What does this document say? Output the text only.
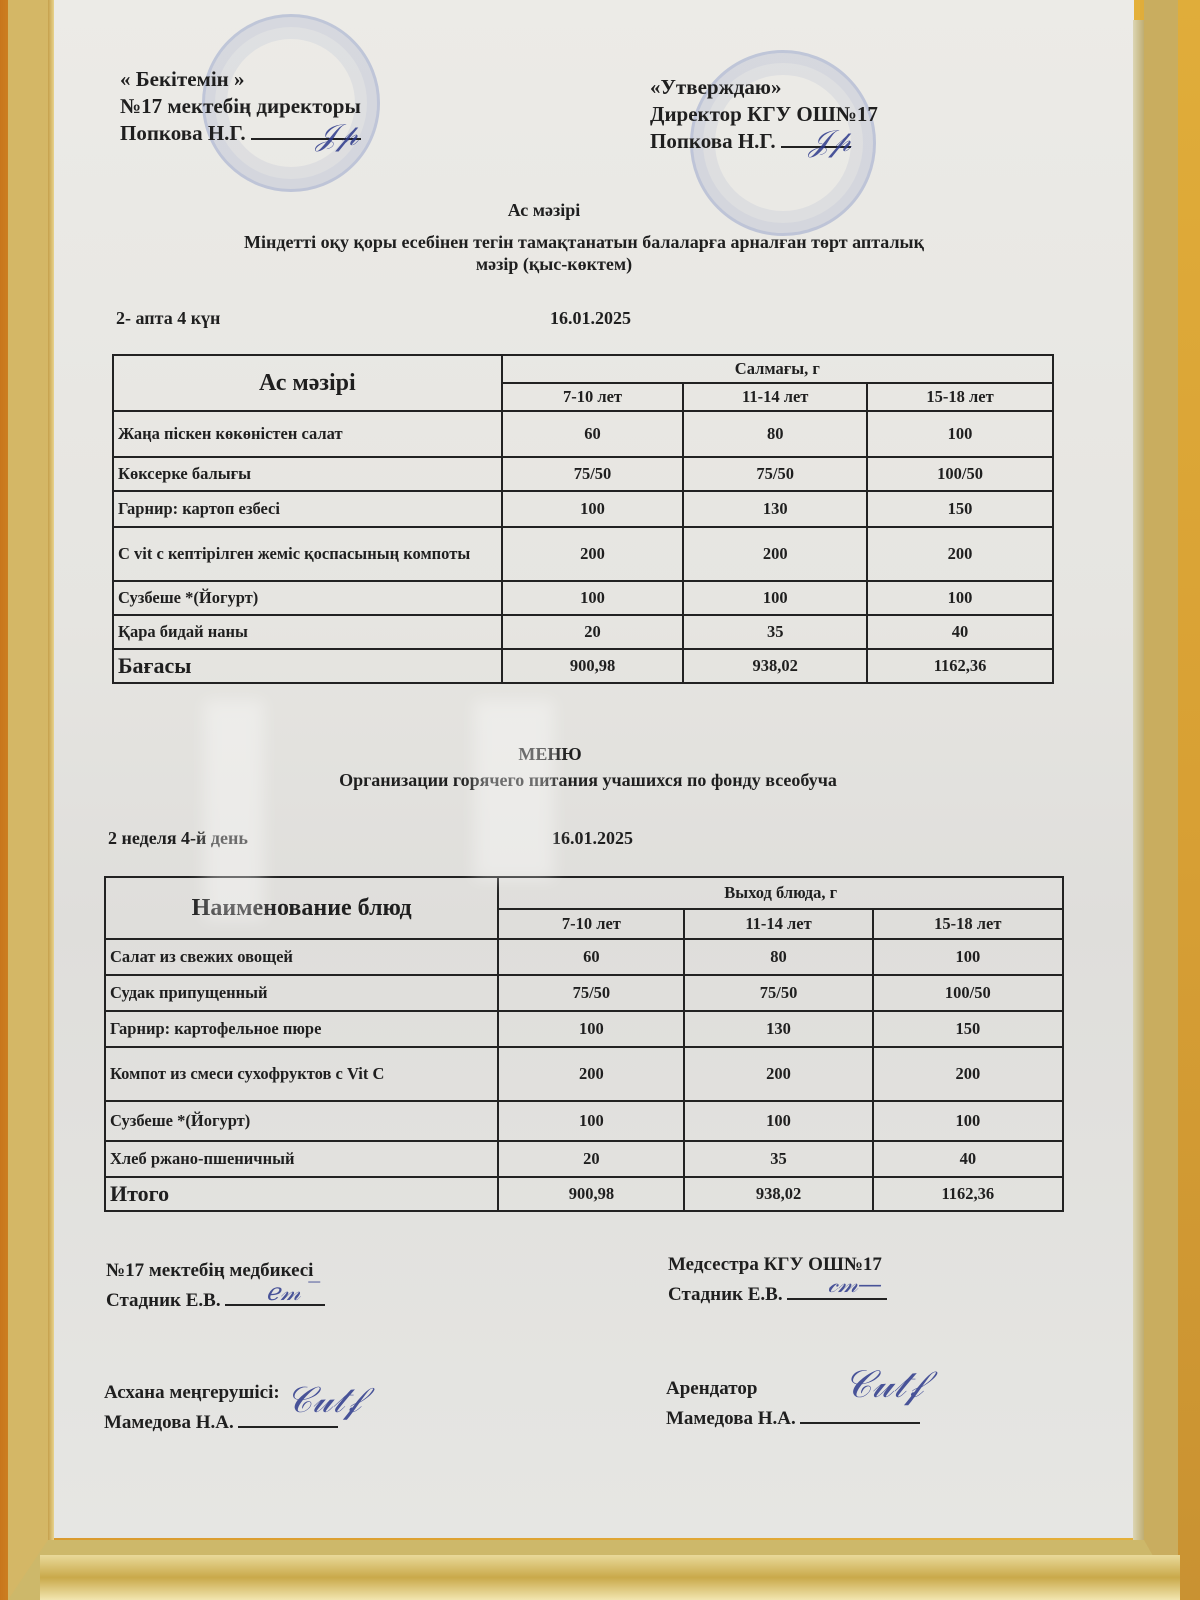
« Бекітемін »
№17 мектебің директоры
Попкова Н.Г.	𝒥𝓅
«Утверждаю»
Директор КГУ ОШ№17
Попкова Н.Г.	𝒥𝓅
Ас мәзірі
Міндетті оқу қоры есебінен тегін тамақтанатын балаларға арналған төрт апталық
мәзір (қыс-көктем)
2- апта 4 күн	16.01.2025
Ас мәзірі	Салмағы, г		
	7-10 лет	11-14 лет	15-18 лет
Жаңа піскен көкөністен салат	60	80	100
Көксерке балығы	75/50	75/50	100/50
Гарнир: картоп езбесі	100	130	150
С vit с кептірілген жеміс қоспасының компоты	200	200	200
Сузбеше *(Йогурт)	100	100	100
Қара бидай наны	20	35	40
Бағасы	900,98	938,02	1162,36
МЕНЮ
Организации горячего питания учашихся по фонду всеобуча
2 неделя 4-й день	16.01.2025
Наименование блюд	Выход блюда, г		
	7-10 лет	11-14 лет	15-18 лет
Салат из свежих овощей	60	80	100
Судак припущенный	75/50	75/50	100/50
Гарнир: картофельное пюре	100	130	150
Компот из смеси сухофруктов с Vit C	200	200	200
Сузбеше *(Йогурт)	100	100	100
Хлеб ржано-пшеничный	20	35	40
Итого	900,98	938,02	1162,36
№17 мектебің медбикесі
Стадник Е.В.	ℯ𝓂 ‾
Медсестра КГУ ОШ№17
Стадник Е.В.	𝒸𝓂—
Асхана меңгерушісі:
Мамедова Н.А.
𝒞𝓊𝓉𝒻	Арендатор
Мамедова Н.А.
𝒞𝓊𝓉𝒻
